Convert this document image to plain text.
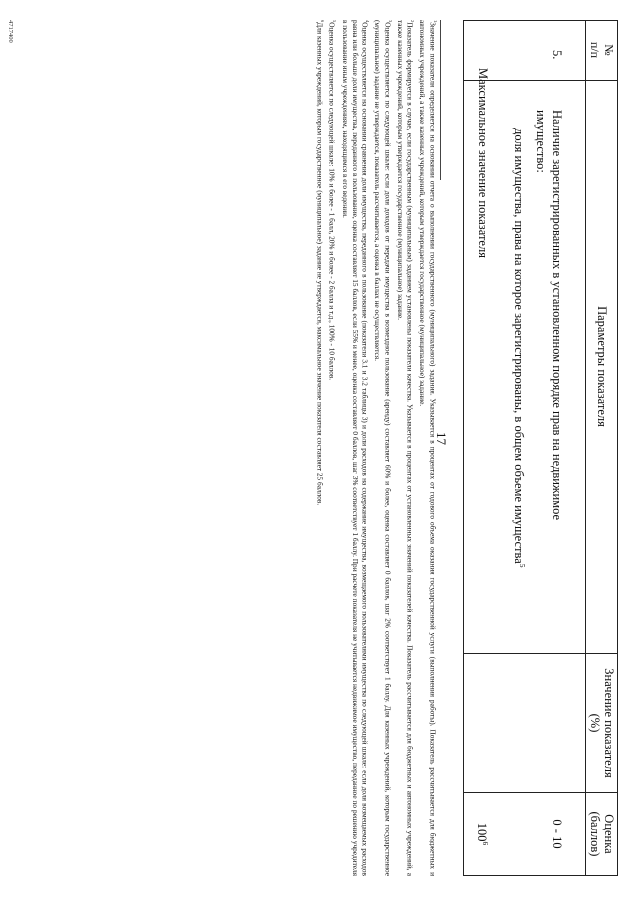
17
№ п/п
Параметры показателя
Значение показателя (%)
Оценка (баллов)
5.
Наличие зарегистрированных в установленном порядке прав на недвижимое
имущество:
доля имущества, права на которое зарегистрированы, в общем объеме имущества$^5$
0 - 10
Максимальное значение показателя
$100^6$

$^1$Значение показателя определяется на основании отчета о выполнении государственного (муниципального) задания. Указывается в процентах от годового объема оказания государственной услуги (выполнения работы). Показатель рассчитывается для бюджетных и автономных учреждений, а также казенных учреждений, которым утверждается государственное (муниципальное) задание.

$^2$Показатель формируется в случае, если государственным (муниципальным) заданием установлены показатели качества. Указывается в процентах от установленных значений показателей качества. Показатель рассчитывается для бюджетных и автономных учреждений, а также казенных учреждений, которым утверждается государственное (муниципальное) задание.

$^3$Оценка осуществляется по следующей шкале: если доля доходов от передачи имущества в возмездное пользование (аренду) составляет 60% и более, оценка составляет 0 баллов, шаг 2% соответствует 1 баллу. Для казенных учреждений, которым государственное (муниципальное) задание не утверждается, показатель рассчитывается, а оценка в баллах не осуществляется.

$^4$Оценка осуществляется на основании сравнения доли имущества, переданного в пользование (показатели 3.1 и 3.2 таблицы 3) и доли расходов на содержание имущества, возмещаемого пользователями имущества по следующей шкале: если доля возмещаемых расходов равна или больше доли имущества, переданного в пользование, оценка составляет 15 баллов, если 55% и менее, оценка составляет 0 баллов, шаг 3% соответствует 1 баллу. При расчете показателя не учитывается недвижимое имущество, переданное по решению учредителя в пользование иным учреждениям, находящимся в его ведении.

$^5$Оценка осуществляется по следующей шкале: 10% и более - 1 балл, 20% и более - 2 балла и т.д., 100% - 10 баллов.

$^6$Для казенных учреждений, которым государственное (муниципальное) задание не утверждается, максимальное значение показателя составляет 25 баллов.

4717400
